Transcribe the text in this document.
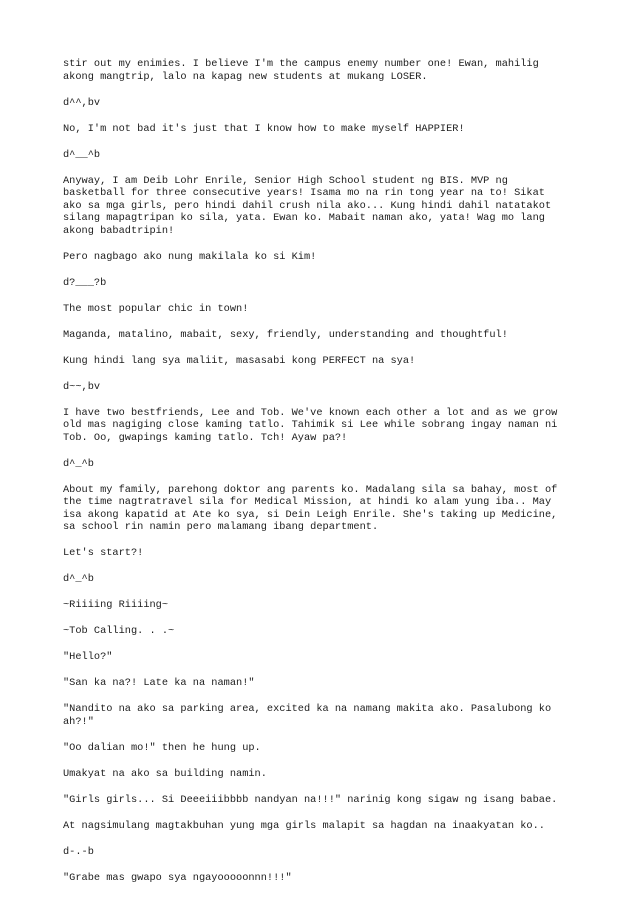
stir out my enimies. I believe I'm the campus enemy number one! Ewan, mahilig
akong mangtrip, lalo na kapag new students at mukang LOSER.
d^^,bv
No, I'm not bad it's just that I know how to make myself HAPPIER!
d^__^b
Anyway, I am Deib Lohr Enrile, Senior High School student ng BIS. MVP ng
basketball for three consecutive years! Isama mo na rin tong year na to! Sikat
ako sa mga girls, pero hindi dahil crush nila ako... Kung hindi dahil natatakot
silang mapagtripan ko sila, yata. Ewan ko. Mabait naman ako, yata! Wag mo lang
akong babadtripin!
Pero nagbago ako nung makilala ko si Kim!
d?___?b
The most popular chic in town!
Maganda, matalino, mabait, sexy, friendly, understanding and thoughtful!
Kung hindi lang sya maliit, masasabi kong PERFECT na sya!
d~~,bv
I have two bestfriends, Lee and Tob. We've known each other a lot and as we grow
old mas nagiging close kaming tatlo. Tahimik si Lee while sobrang ingay naman ni
Tob. Oo, gwapings kaming tatlo. Tch! Ayaw pa?!
d^_^b
About my family, parehong doktor ang parents ko. Madalang sila sa bahay, most of
the time nagtratravel sila for Medical Mission, at hindi ko alam yung iba.. May
isa akong kapatid at Ate ko sya, si Dein Leigh Enrile. She's taking up Medicine,
sa school rin namin pero malamang ibang department.
Let's start?!
d^_^b
~Riiiing Riiiing~
~Tob Calling. . .~
"Hello?"
"San ka na?! Late ka na naman!"
"Nandito na ako sa parking area, excited ka na namang makita ako. Pasalubong ko
ah?!"
"Oo dalian mo!" then he hung up.
Umakyat na ako sa building namin.
"Girls girls... Si Deeeiiibbbb nandyan na!!!" narinig kong sigaw ng isang babae.
At nagsimulang magtakbuhan yung mga girls malapit sa hagdan na inaakyatan ko..
d-.-b
"Grabe mas gwapo sya ngayooooonnn!!!"
